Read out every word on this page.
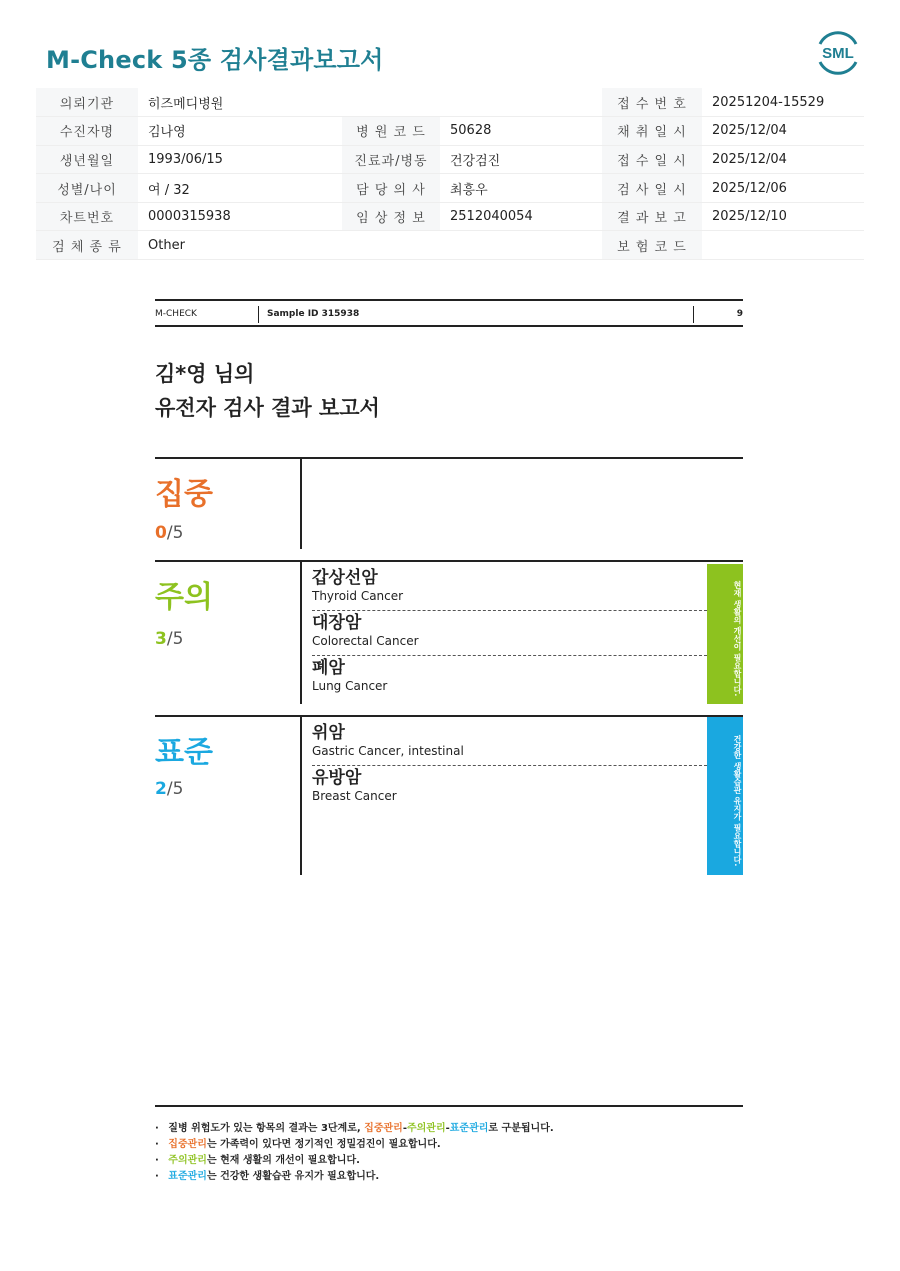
M-Check 5종 검사결과보고서	SML
의뢰기관	히즈메디병원			접 수 번 호	20251204-15529
수진자명	김나영	병 원 코 드	50628	채 취 일 시	2025/12/04
생년월일	1993/06/15	진료과/병동	건강검진	접 수 일 시	2025/12/04
성별/나이	여 / 32	담 당 의 사	최흥우	검 사 일 시	2025/12/06
차트번호	0000315938	임 상 정 보	2512040054	결 과 보 고	2025/12/10
검 체 종 류	Other			보 험 코 드	
M-CHECK	Sample ID 315938	9
김*영 님의
유전자 검사 결과 보고서
집중
0/5
주의
3/5
갑상선암
Thyroid Cancer
대장암
Colorectal Cancer
폐암
Lung Cancer	현재 생활의 개선이 필요합니다.
표준
2/5
위암
Gastric Cancer, intestinal
유방암
Breast Cancer	건강한 생활습관 유지가 필요합니다.
· 질병 위험도가 있는 항목의 결과는 3단계로, 집중관리-주의관리-표준관리로 구분됩니다.
· 집중관리는 가족력이 있다면 정기적인 정밀검진이 필요합니다.
· 주의관리는 현재 생활의 개선이 필요합니다.
· 표준관리는 건강한 생활습관 유지가 필요합니다.
